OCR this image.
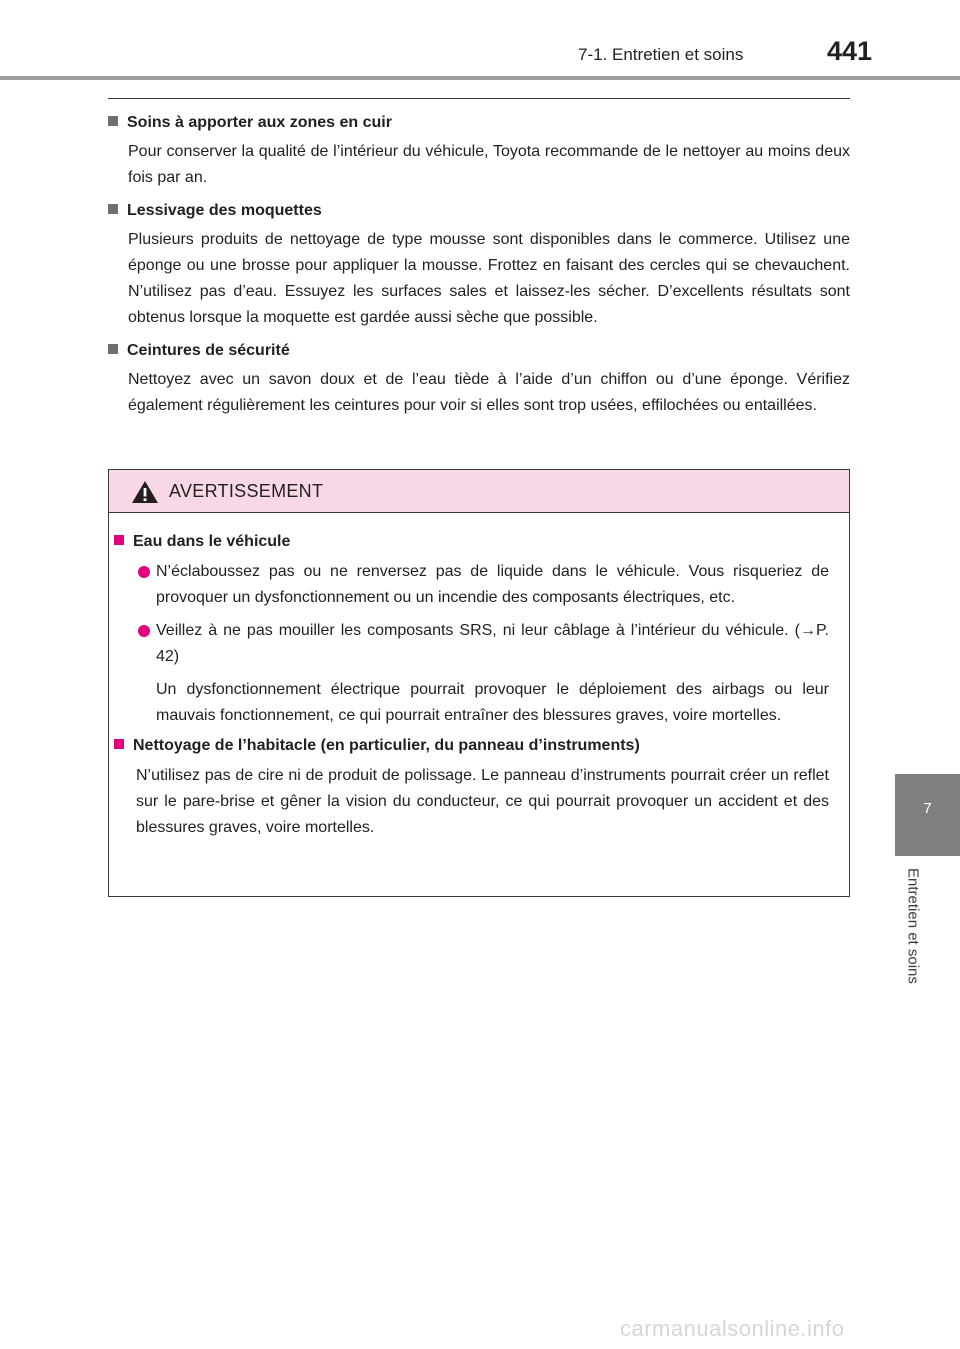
7-1. Entretien et soins	441
7
Entretien et soins
Soins à apporter aux zones en cuir

Pour conserver la qualité de l’intérieur du véhicule, Toyota recommande de le nettoyer au moins deux fois par an.

Lessivage des moquettes

Plusieurs produits de nettoyage de type mousse sont disponibles dans le commerce. Utilisez une éponge ou une brosse pour appliquer la mousse. Frottez en faisant des cercles qui se chevauchent. N’utilisez pas d’eau. Essuyez les surfaces sales et laissez-les sécher. D’excellents résultats sont obtenus lorsque la moquette est gardée aussi sèche que possible.

Ceintures de sécurité

Nettoyez avec un savon doux et de l’eau tiède à l’aide d’un chiffon ou d’une éponge. Vérifiez également régulièrement les ceintures pour voir si elles sont trop usées, effilochées ou entaillées.

AVERTISSEMENT
Eau dans le véhicule
N’éclaboussez pas ou ne renversez pas de liquide dans le véhicule. Vous risqueriez de provoquer un dysfonctionnement ou un incendie des composants électriques, etc.
Veillez à ne pas mouiller les composants SRS, ni leur câblage à l’intérieur du véhicule. (→P. 42)
Un dysfonctionnement électrique pourrait provoquer le déploiement des airbags ou leur mauvais fonctionnement, ce qui pourrait entraîner des blessures graves, voire mortelles.
Nettoyage de l’habitacle (en particulier, du panneau d’instruments)
N’utilisez pas de cire ni de produit de polissage. Le panneau d’instruments pourrait créer un reflet sur le pare-brise et gêner la vision du conducteur, ce qui pourrait provoquer un accident et des blessures graves, voire mortelles.
carmanualsonline.info
